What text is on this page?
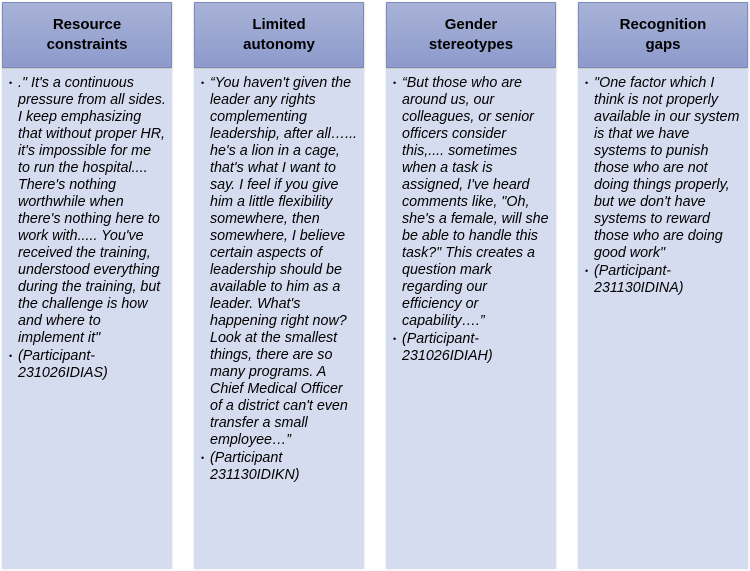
Resource constraints
• ." It's a continuous pressure from all sides. I keep emphasizing that without proper HR, it's impossible for me to run the hospital.... There's nothing worthwhile when there's nothing here to work with..... You've received the training, understood everything during the training, but the challenge is how and where to implement it"
• (Participant-231026IDIAS)
Limited autonomy
• “You haven't given the leader any rights complementing leadership, after all…... he's a lion in a cage, that's what I want to say. I feel if you give him a little flexibility somewhere, then somewhere, I believe certain aspects of leadership should be available to him as a leader. What's happening right now? Look at the smallest things, there are so many programs. A Chief Medical Officer of a district can't even transfer a small employee…”
• (Participant 231130IDIKN)
Gender stereotypes
• “But those who are around us, our colleagues, or senior officers consider this,.... sometimes when a task is assigned, I've heard comments like, "Oh, she's a female, will she be able to handle this task?" This creates a question mark regarding our efficiency or capability….”
• (Participant-231026IDIAH)
Recognition gaps
• "One factor which I think is not properly available in our system is that we have systems to punish those who are not doing things properly, but we don't have systems to reward those who are doing good work"
• (Participant-231130IDINA)
